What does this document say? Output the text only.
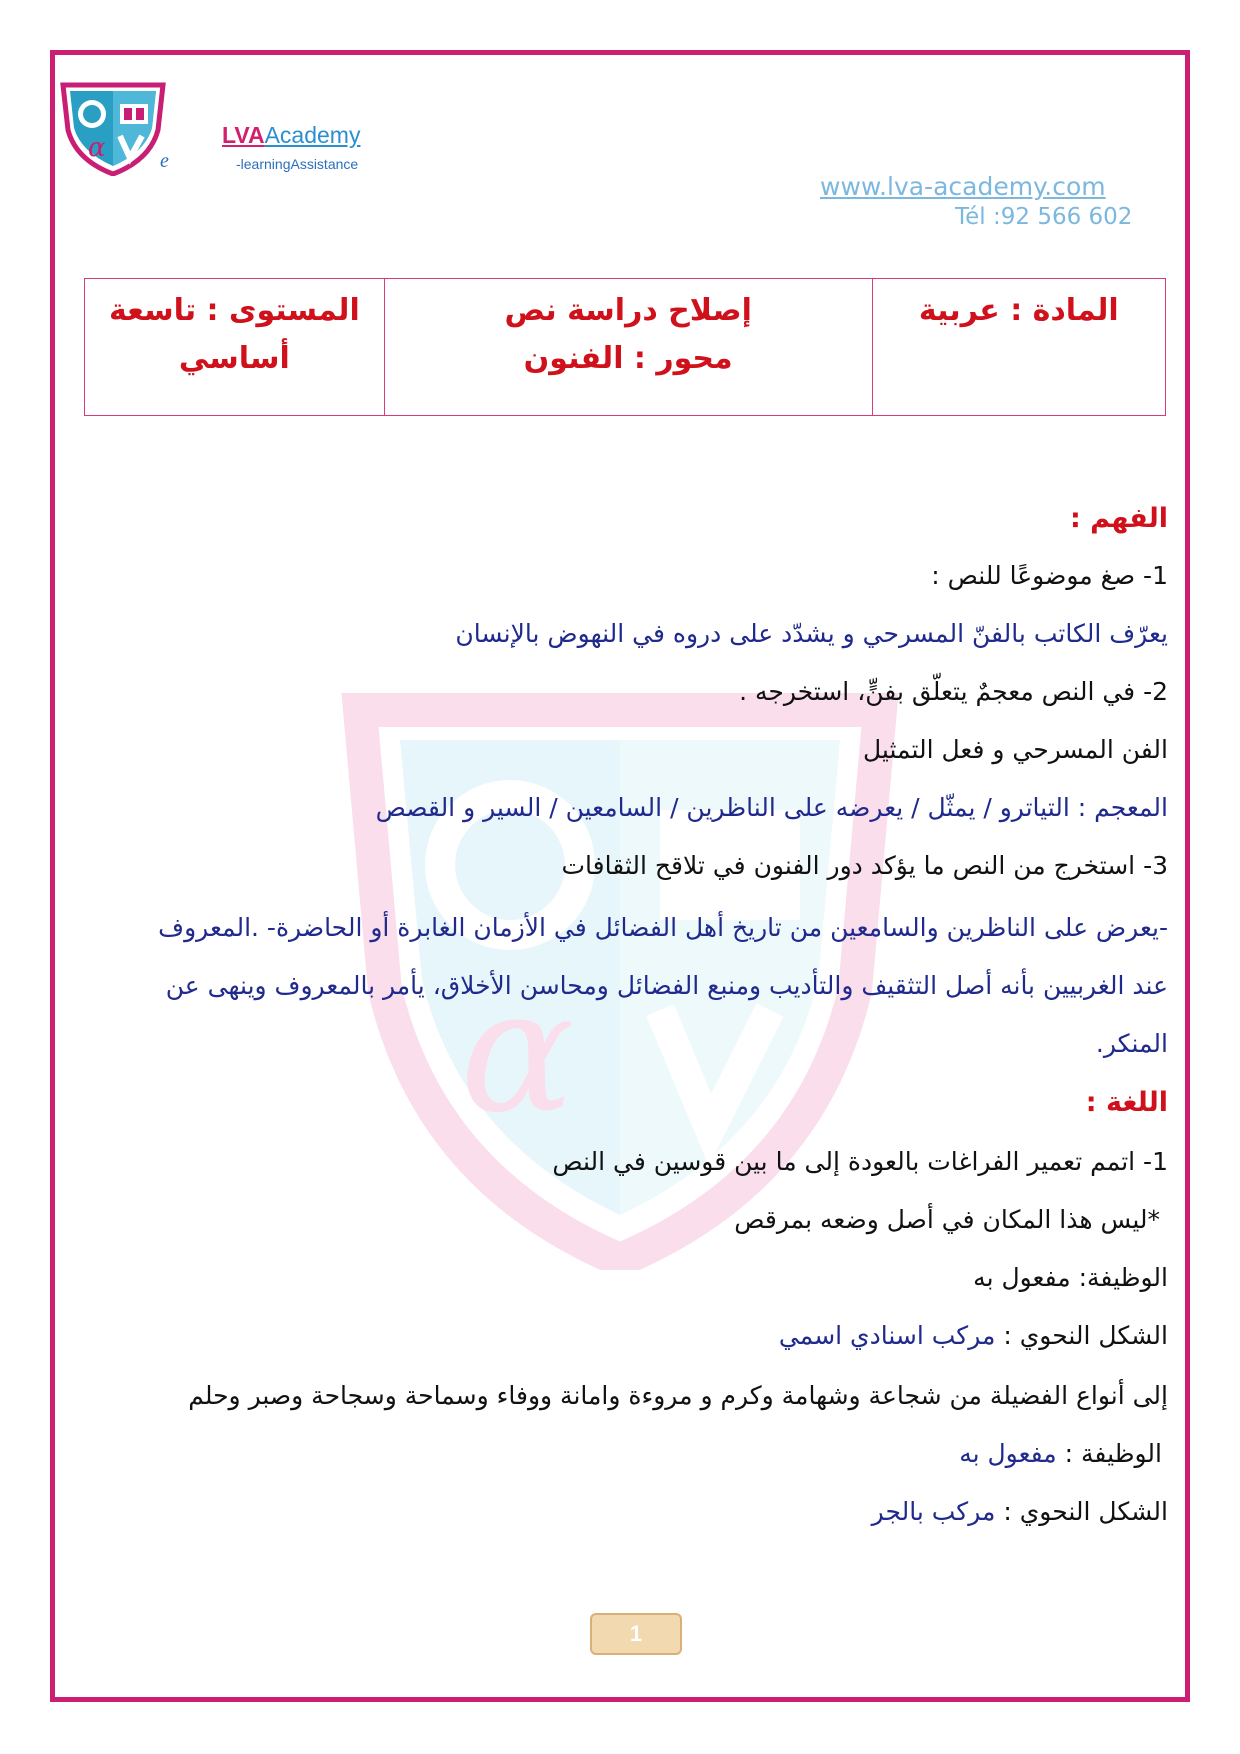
α	e
LVAAcademy
-learningAssistance
www.lva-academy.com
Tél :92 566 602
المادة : عربية

إصلاح دراسة نص
محور : الفنون

المستوى : تاسعة
أساسي
α
الفهم :
1- صغ موضوعًا للنص :
يعرّف الكاتب بالفنّ المسرحي و يشدّد على دروه في النهوض بالإنسان
2- في النص معجمٌ يتعلّق بفنٍّ، استخرجه .
الفن المسرحي و فعل التمثيل
المعجم : التياترو / يمثّل / يعرضه على الناظرين / السامعين / السير و القصص
3- استخرج من النص ما يؤكد دور الفنون في تلاقح الثقافات
-يعرض على الناظرين والسامعين من تاريخ أهل الفضائل في الأزمان الغابرة أو الحاضرة- .المعروف
عند الغربيين بأنه أصل التثقيف والتأديب ومنبع الفضائل ومحاسن الأخلاق، يأمر بالمعروف وينهى عن
المنكر.
اللغة :
1- اتمم تعمير الفراغات بالعودة إلى ما بين قوسين في النص
*ليس هذا المكان في أصل وضعه بمرقص
الوظيفة: مفعول به
الشكل النحوي : مركب اسنادي اسمي
إلى أنواع الفضيلة من شجاعة وشهامة وكرم و مروءة وامانة ووفاء وسماحة وسجاحة وصبر وحلم
الوظيفة : مفعول به
الشكل النحوي : مركب بالجر
1
